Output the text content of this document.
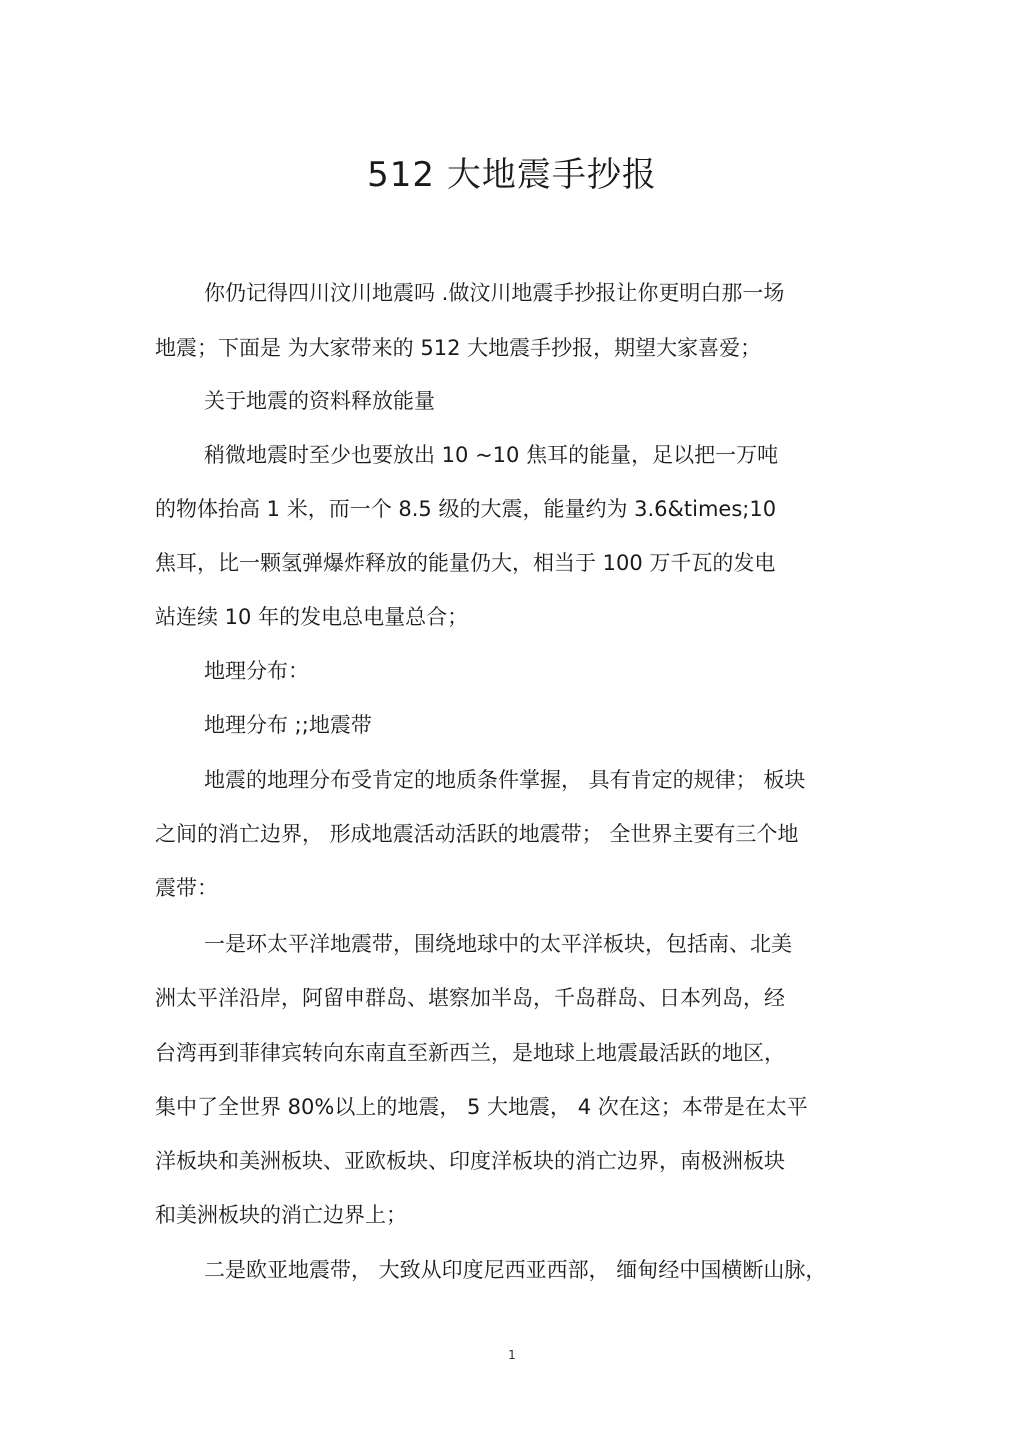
512 大地震手抄报
你仍记得四川汶川地震吗 .做汶川地震手抄报让你更明白那一场
地震；下面是 为大家带来的 512 大地震手抄报，期望大家喜爱；
关于地震的资料释放能量
稍微地震时至少也要放出 10 ~10 焦耳的能量，足以把一万吨
的物体抬高 1 米，而一个 8.5 级的大震，能量约为 3.6&times;10
焦耳，比一颗氢弹爆炸释放的能量仍大，相当于 100 万千瓦的发电
站连续 10 年的发电总电量总合；
地理分布：
地理分布 ;;地震带
地震的地理分布受肯定的地质条件掌握， 具有肯定的规律； 板块
之间的消亡边界， 形成地震活动活跃的地震带； 全世界主要有三个地
震带：
一是环太平洋地震带，围绕地球中的太平洋板块，包括南、北美
洲太平洋沿岸，阿留申群岛、堪察加半岛，千岛群岛、日本列岛，经
台湾再到菲律宾转向东南直至新西兰，是地球上地震最活跃的地区，
集中了全世界 80%以上的地震， 5 大地震， 4 次在这；本带是在太平
洋板块和美洲板块、亚欧板块、印度洋板块的消亡边界，南极洲板块
和美洲板块的消亡边界上；
二是欧亚地震带， 大致从印度尼西亚西部， 缅甸经中国横断山脉，
1
